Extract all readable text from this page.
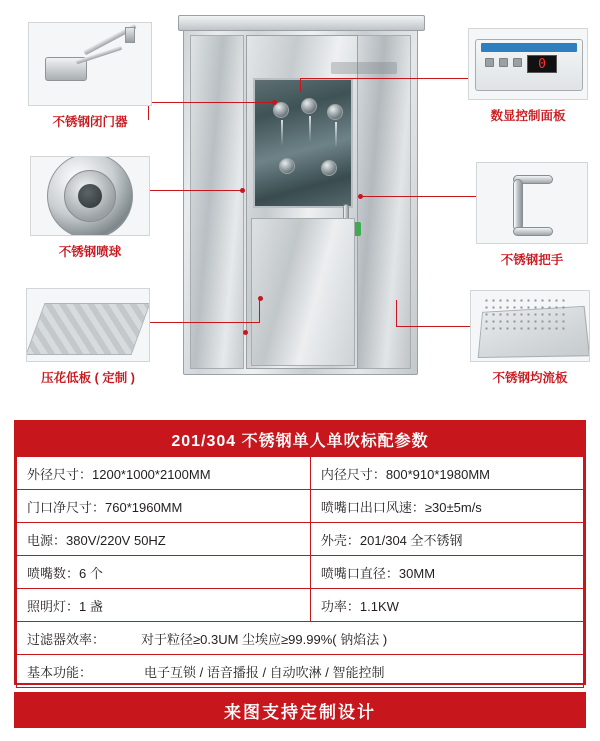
不锈钢闭门器
不锈钢喷球
压花低板 ( 定制 )
0
数显控制面板
不锈钢把手
不锈钢均流板
201/304 不锈钢单人单吹标配参数
外径尺寸：1200*1000*2100MM	内径尺寸：800*910*1980MM
门口净尺寸：760*1960MM	喷嘴口出口风速：≥30±5m/s
电源：380V/220V 50HZ	外壳：201/304 全不锈钢
喷嘴数：6 个	喷嘴口直径：30MM
照明灯：1 盏	功率：1.1KW
过滤器效率： 对于粒径≥0.3UM 尘埃应≥99.99%( 钠焰法 )	
基本功能： 电子互锁 / 语音播报 / 自动吹淋 / 智能控制	
来图支持定制设计
